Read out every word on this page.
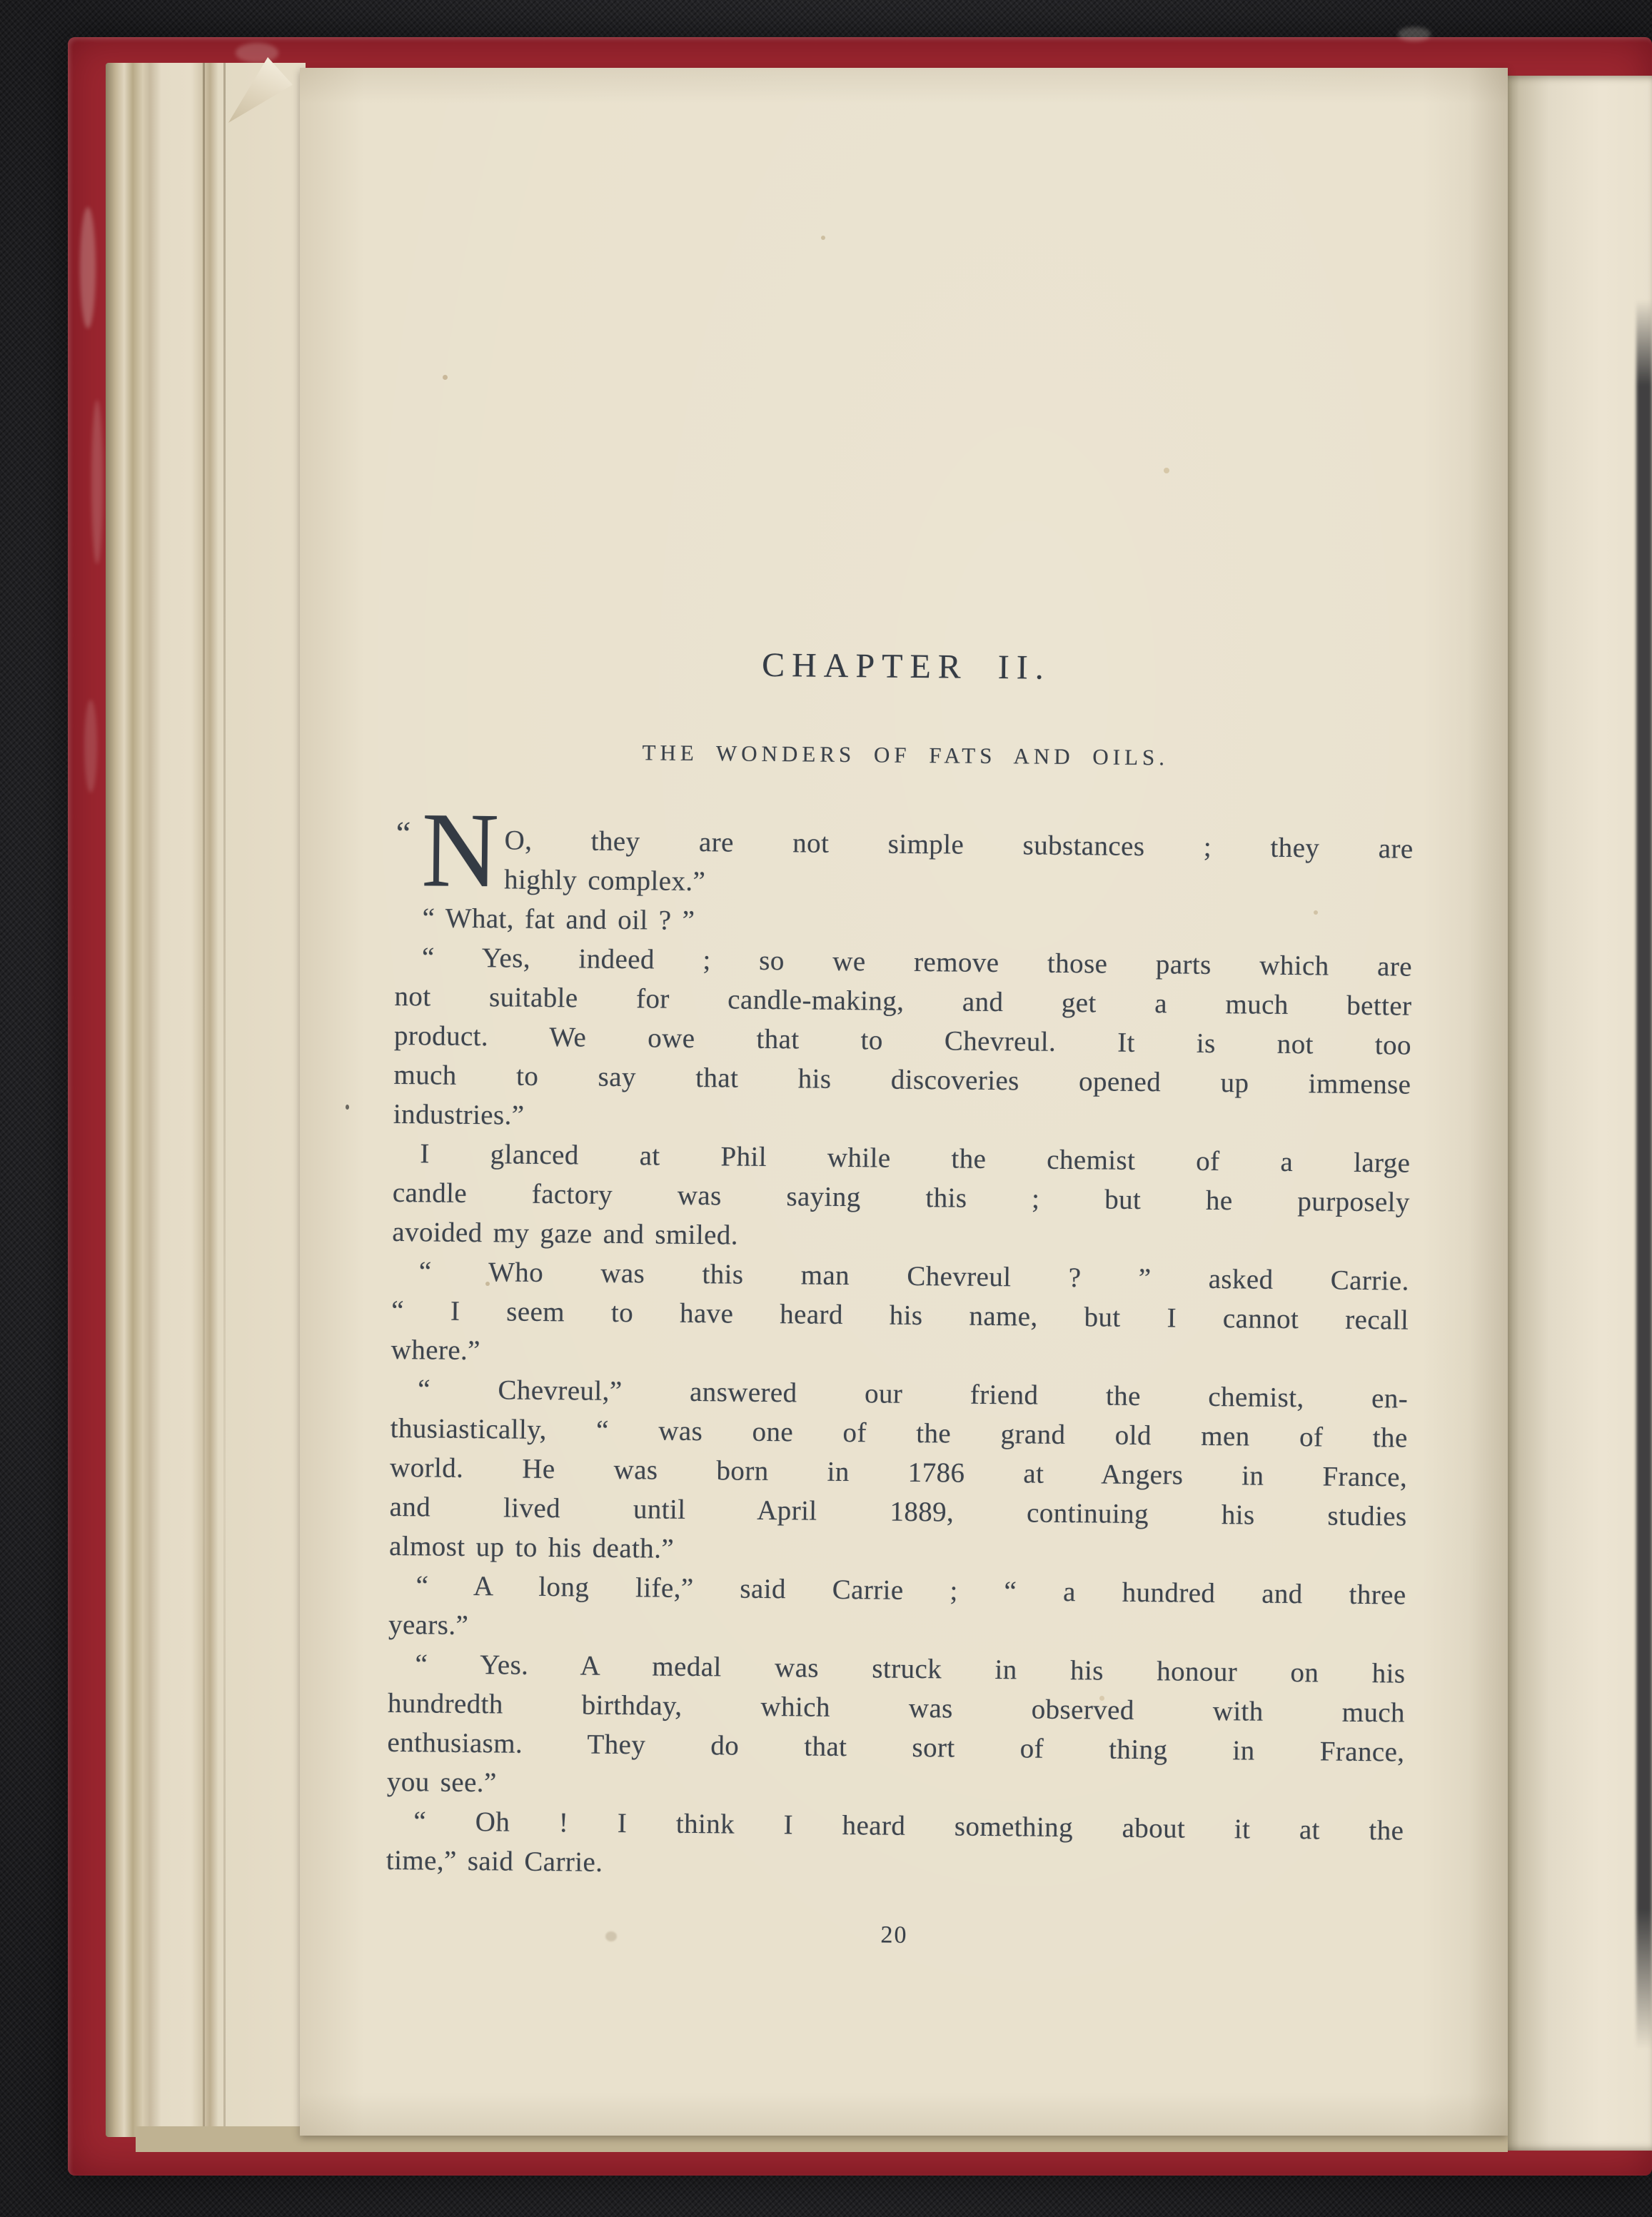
CHAPTER II.
THE WONDERS OF FATS AND OILS.
“ N O, they are not simple substances ; they are
highly complex.”
“ What, fat and oil ? ”
“ Yes, indeed ; so we remove those parts which are
not suitable for candle-making, and get a much better
product. We owe that to Chevreul. It is not too
much to say that his discoveries opened up immense
industries.”
I glanced at Phil while the chemist of a large
candle factory was saying this ; but he purposely
avoided my gaze and smiled.
“ Who was this man Chevreul ? ” asked Carrie.
“ I seem to have heard his name, but I cannot recall
where.”
“ Chevreul,” answered our friend the chemist, en-
thusiastically, “ was one of the grand old men of the
world. He was born in 1786 at Angers in France,
and lived until April 1889, continuing his studies
almost up to his death.”
“ A long life,” said Carrie ; “ a hundred and three
years.”
“ Yes. A medal was struck in his honour on his
hundredth birthday, which was observed with much
enthusiasm. They do that sort of thing in France,
you see.”
“ Oh ! I think I heard something about it at the
time,” said Carrie.
20
